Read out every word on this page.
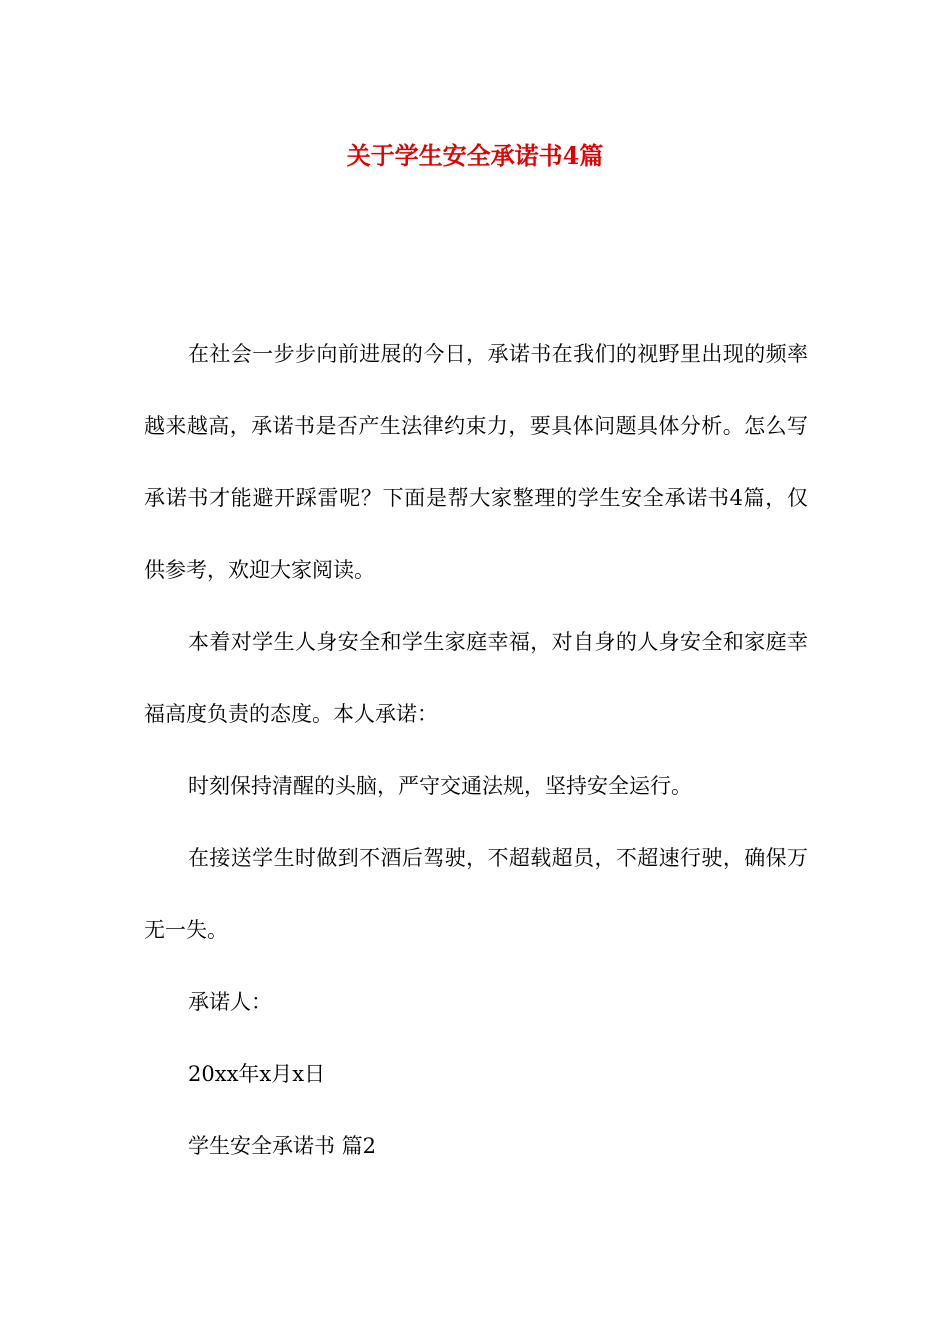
关于学生安全承诺书4篇

在社会一步步向前进展的今日，承诺书在我们的视野里出现的频率越来越高，承诺书是否产生法律约束力，要具体问题具体分析。怎么写承诺书才能避开踩雷呢？下面是帮大家整理的学生安全承诺书4篇，仅供参考，欢迎大家阅读。

本着对学生人身安全和学生家庭幸福，对自身的人身安全和家庭幸福高度负责的态度。本人承诺：

时刻保持清醒的头脑，严守交通法规，坚持安全运行。

在接送学生时做到不酒后驾驶，不超载超员，不超速行驶，确保万无一失。

承诺人：

20xx年x月x日

学生安全承诺书 篇2
